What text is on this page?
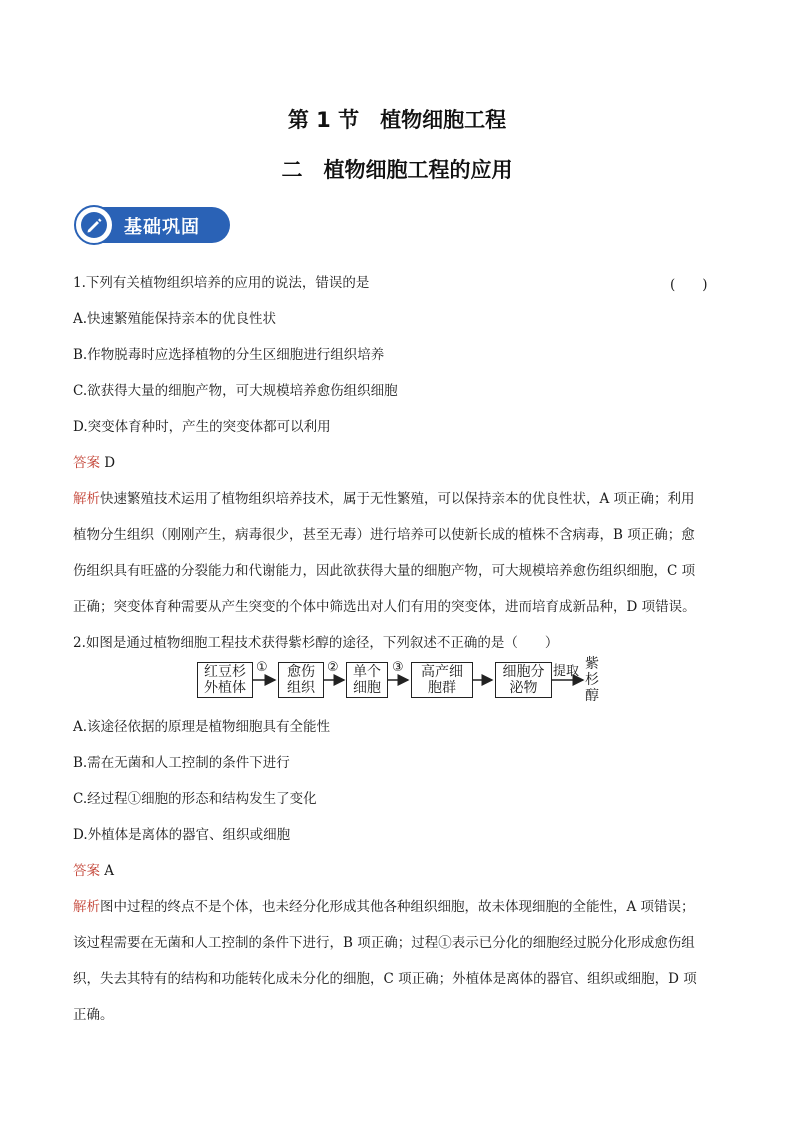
第 1 节　植物细胞工程
二　植物细胞工程的应用
基础巩固
1.下列有关植物组织培养的应用的说法，错误的是	(　　)
A.快速繁殖能保持亲本的优良性状
B.作物脱毒时应选择植物的分生区细胞进行组织培养
C.欲获得大量的细胞产物，可大规模培养愈伤组织细胞
D.突变体育种时，产生的突变体都可以利用
答案 D
解析快速繁殖技术运用了植物组织培养技术，属于无性繁殖，可以保持亲本的优良性状，A 项正确；利用
植物分生组织（刚刚产生，病毒很少，甚至无毒）进行培养可以使新长成的植株不含病毒，B 项正确；愈
伤组织具有旺盛的分裂能力和代谢能力，因此欲获得大量的细胞产物，可大规模培养愈伤组织细胞，C 项
正确；突变体育种需要从产生突变的个体中筛选出对人们有用的突变体，进而培育成新品种，D 项错误。
2.如图是通过植物细胞工程技术获得紫杉醇的途径，下列叙述不正确的是（　　）
红豆杉
外植体
①	愈伤
组织
②	单个
细胞
③	高产细
胞群
细胞分
泌物
提取 紫
杉
醇
A.该途径依据的原理是植物细胞具有全能性
B.需在无菌和人工控制的条件下进行
C.经过程①细胞的形态和结构发生了变化
D.外植体是离体的器官、组织或细胞
答案 A
解析图中过程的终点不是个体，也未经分化形成其他各种组织细胞，故未体现细胞的全能性，A 项错误；
该过程需要在无菌和人工控制的条件下进行，B 项正确；过程①表示已分化的细胞经过脱分化形成愈伤组
织，失去其特有的结构和功能转化成未分化的细胞，C 项正确；外植体是离体的器官、组织或细胞，D 项
正确。
